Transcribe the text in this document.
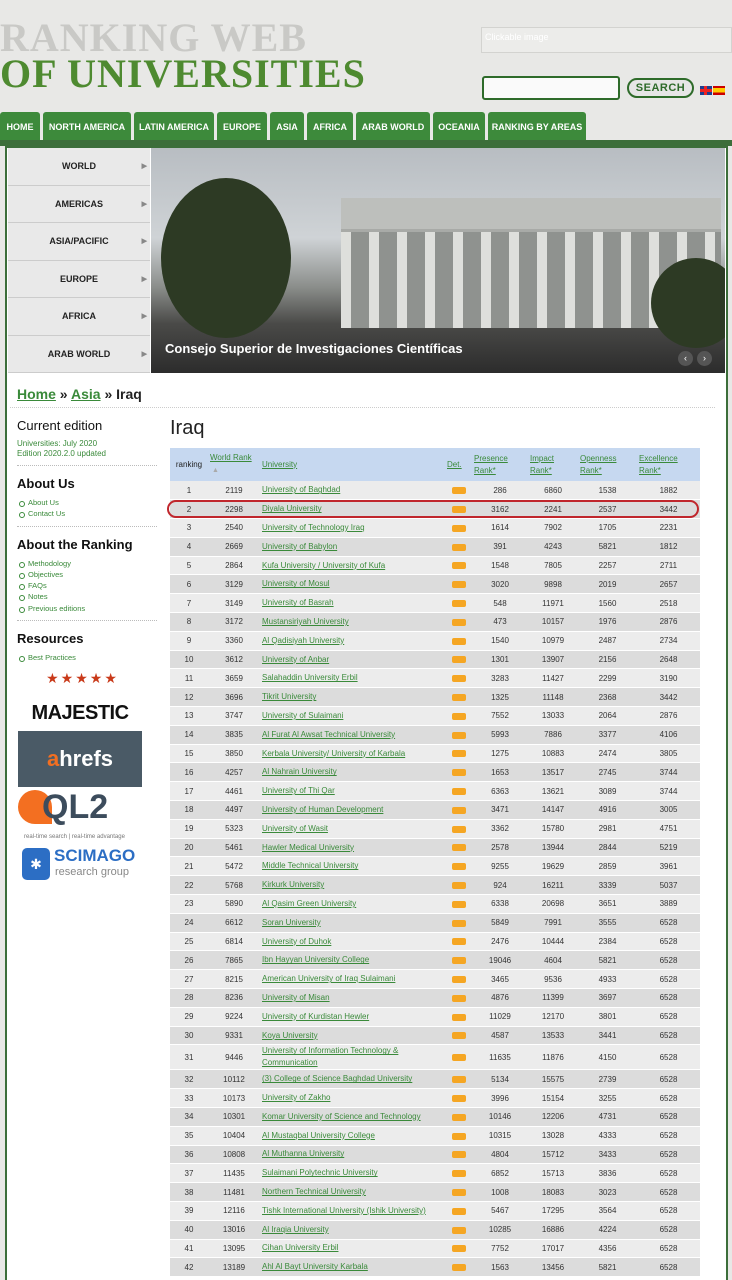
RANKING WEB
OF UNIVERSITIES
Clickable image
SEARCH
HOME	NORTH AMERICA	LATIN AMERICA	EUROPE	ASIA	AFRICA	ARAB WORLD	OCEANIA	RANKING BY AREAS
WORLD	▶
AMERICAS	▶
ASIA/PACIFIC	▶
EUROPE	▶
AFRICA	▶
ARAB WORLD	▶ Consejo Superior de Investigaciones Científicas
‹	›
Home » Asia » Iraq
Current edition
Universities: July 2020
Edition 2020.2.0 updated
About Us
About Us
Contact Us
About the Ranking
Methodology
Objectives
FAQs
Notes
Previous editions
Resources
Best Practices
★★★★★
MAJESTIC
ahrefs
QL2
real-time search | real-time advantage
✱ SCIMAGO
research group
Iraq
ranking	World Rank▲	University	Det.	Presence Rank*	Impact Rank*	Openness Rank*	Excellence Rank*
1	2119	University of Baghdad		286	6860	1538	1882
2	2298	Diyala University		3162	2241	2537	3442
3	2540	University of Technology Iraq		1614	7902	1705	2231
4	2669	University of Babylon		391	4243	5821	1812
5	2864	Kufa University / University of Kufa		1548	7805	2257	2711
6	3129	University of Mosul		3020	9898	2019	2657
7	3149	University of Basrah		548	11971	1560	2518
8	3172	Mustansiriyah University		473	10157	1976	2876
9	3360	Al Qadisiyah University		1540	10979	2487	2734
10	3612	University of Anbar		1301	13907	2156	2648
11	3659	Salahaddin University Erbil		3283	11427	2299	3190
12	3696	Tikrit University		1325	11148	2368	3442
13	3747	University of Sulaimani		7552	13033	2064	2876
14	3835	Al Furat Al Awsat Technical University		5993	7886	3377	4106
15	3850	Kerbala University/ University of Karbala		1275	10883	2474	3805
16	4257	Al Nahrain University		1653	13517	2745	3744
17	4461	University of Thi Qar		6363	13621	3089	3744
18	4497	University of Human Development		3471	14147	4916	3005
19	5323	University of Wasit		3362	15780	2981	4751
20	5461	Hawler Medical University		2578	13944	2844	5219
21	5472	Middle Technical University		9255	19629	2859	3961
22	5768	Kirkurk University		924	16211	3339	5037
23	5890	Al Qasim Green University		6338	20698	3651	3889
24	6612	Soran University		5849	7991	3555	6528
25	6814	University of Duhok		2476	10444	2384	6528
26	7865	Ibn Hayyan University College		19046	4604	5821	6528
27	8215	American University of Iraq Sulaimani		3465	9536	4933	6528
28	8236	University of Misan		4876	11399	3697	6528
29	9224	University of Kurdistan Hewler		11029	12170	3801	6528
30	9331	Koya University		4587	13533	3441	6528
31	9446	University of Information Technology & Communication		11635	11876	4150	6528
32	10112	(3) College of Science Baghdad University		5134	15575	2739	6528
33	10173	University of Zakho		3996	15154	3255	6528
34	10301	Komar University of Science and Technology		10146	12206	4731	6528
35	10404	Al Mustaqbal University College		10315	13028	4333	6528
36	10808	Al Muthanna University		4804	15712	3433	6528
37	11435	Sulaimani Polytechnic University		6852	15713	3836	6528
38	11481	Northern Technical University		1008	18083	3023	6528
39	12116	Tishk International University (Ishik University)		5467	17295	3564	6528
40	13016	Al Iraqia University		10285	16886	4224	6528
41	13095	Cihan University Erbil		7752	17017	4356	6528
42	13189	Ahl Al Bayt University Karbala		1563	13456	5821	6528
